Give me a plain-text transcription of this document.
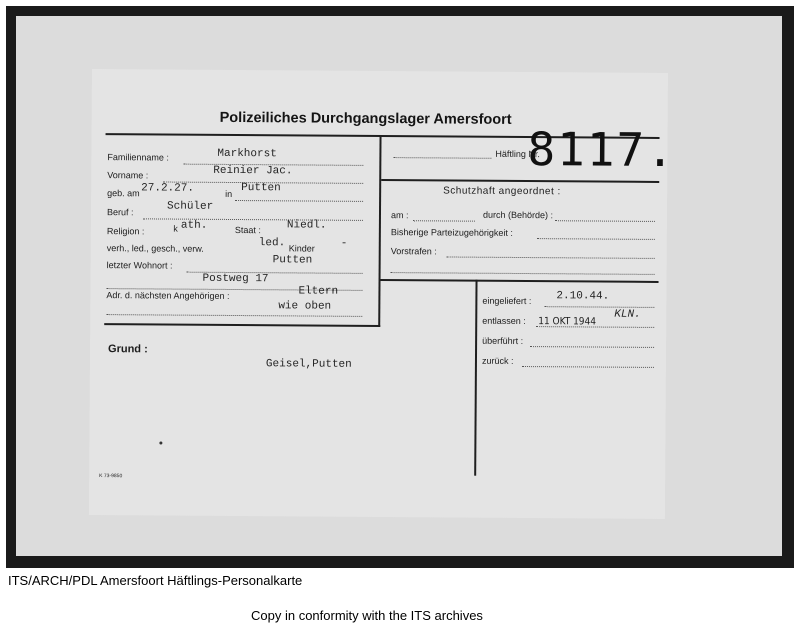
Polizeiliches Durchgangslager Amersfoort
Häftling Nr.
8117.
Familienname :	Markhorst
Vorname :	Reinier Jac.
geb. am 27.2.27.	in Putten
Beruf :	Schüler
Religion :	k ath.	Staat : Niedl.
verh., led., gesch., verw.	led. Kinder -
letzter Wohnort :	Putten
Postweg 17
Adr. d. nächsten Angehörigen :	Eltern
wie oben
Schutzhaft angeordnet :
am :	durch (Behörde) :
Bisherige Parteizugehörigkeit :
Vorstrafen :
eingeliefert : 2.10.44.
entlassen : 11 OKT 1944
KLN.
überführt :
zurück :
Grund :
Geisel,Putten
K 73-9850
ITS/ARCH/PDL Amersfoort Häftlings-Personalkarte
Copy in conformity with the ITS archives
